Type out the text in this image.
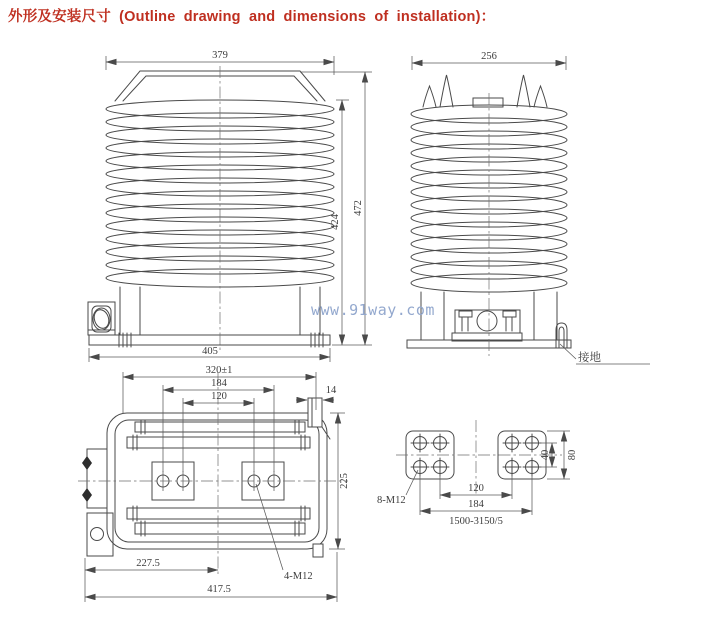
外形及安装尺寸 (Outline drawing and dimensions of installation)：
379
405
424
472
256
接地
320±1
184
120
14
225
227.5
417.5
4-M12
40 80
120
184
1500-3150/5
8-M12
www.91way.com
